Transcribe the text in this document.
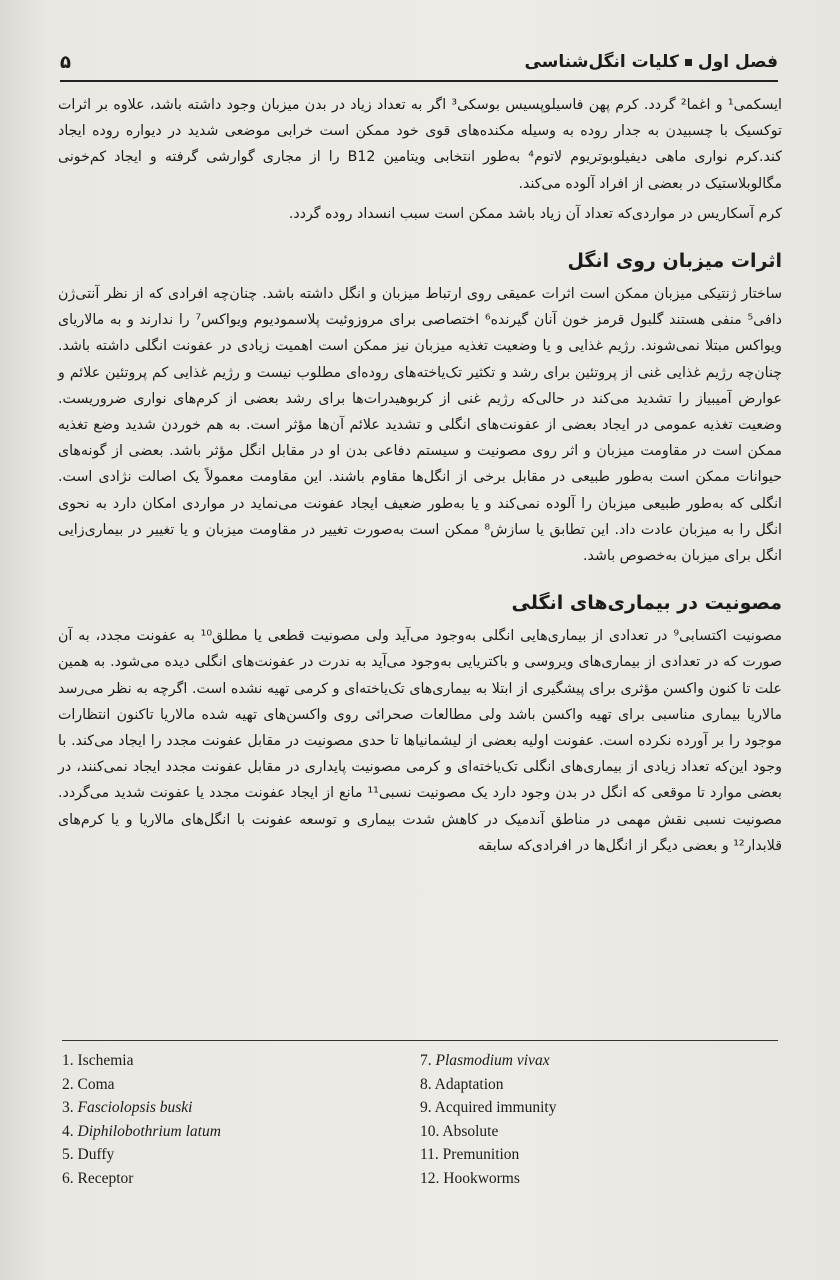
فصل اول
کلیات انگل‌شناسی
۵

ایسکمی¹ و اغما² گردد. کرم پهن فاسیلوپسیس بوسکی³ اگر به تعداد زیاد در بدن میزبان وجود داشته باشد، علاوه بر اثرات توکسیک با چسبیدن به جدار روده به وسیله مکنده‌های قوی خود ممکن است خرابی موضعی شدید در دیواره روده ایجاد کند.کرم نواری ماهی دیفیلوبوتریوم لاتوم⁴ به‌طور انتخابی ویتامین B12 را از مجاری گوارشی گرفته و ایجاد کم‌خونی مگالوبلاستیک در بعضی از افراد آلوده می‌کند.

کرم آسکاریس در مواردی‌که تعداد آن زیاد باشد ممکن است سبب انسداد روده گردد.

اثرات میزبان روی انگل

ساختار ژنتیکی میزبان ممکن است اثرات عمیقی روی ارتباط میزبان و انگل داشته باشد. چنان‌چه افرادی که از نظر آنتی‌ژن دافی⁵ منفی هستند گلبول قرمز خون آنان گیرنده⁶ اختصاصی برای مروزوئیت پلاسمودیوم ویواکس⁷ را ندارند و به مالاریای ویواکس مبتلا نمی‌شوند. رژیم غذایی و یا وضعیت تغذیه میزبان نیز ممکن است اهمیت زیادی در عفونت انگلی داشته باشد. چنان‌چه رژیم غذایی غنی از پروتئین برای رشد و تکثیر تک‌یاخته‌های روده‌ای مطلوب نیست و رژیم غذایی کم پروتئین علائم و عوارض آمیبیاز را تشدید می‌کند در حالی‌که رژیم غنی از کربوهیدرات‌ها برای رشد بعضی از کرم‌های نواری ضروریست. وضعیت تغذیه عمومی در ایجاد بعضی از عفونت‌های انگلی و تشدید علائم آن‌ها مؤثر است. به هم خوردن شدید وضع تغذیه ممکن است در مقاومت میزبان و اثر روی مصونیت و سیستم دفاعی بدن او در مقابل انگل مؤثر باشد. بعضی از گونه‌های حیوانات ممکن است به‌طور طبیعی در مقابل برخی از انگل‌ها مقاوم باشند. این مقاومت معمولاً یک اصالت نژادی است. انگلی که به‌طور طبیعی میزبان را آلوده نمی‌کند و یا به‌طور ضعیف ایجاد عفونت می‌نماید در مواردی امکان دارد به نحوی انگل را به میزبان عادت داد. این تطابق یا سازش⁸ ممکن است به‌صورت تغییر در مقاومت میزبان و یا تغییر در بیماری‌زایی انگل برای میزبان به‌خصوص باشد.

مصونیت در بیماری‌های انگلی

مصونیت اکتسابی⁹ در تعدادی از بیماری‌هایی انگلی به‌وجود می‌آید ولی مصونیت قطعی یا مطلق¹⁰ به عفونت مجدد، به آن صورت که در تعدادی از بیماری‌های ویروسی و باکتریایی به‌وجود می‌آید به ندرت در عفونت‌های انگلی دیده می‌شود. به همین علت تا کنون واکسن مؤثری برای پیشگیری از ابتلا به بیماری‌های تک‌یاخته‌ای و کرمی تهیه نشده است. اگرچه به نظر می‌رسد مالاریا بیماری مناسبی برای تهیه واکسن باشد ولی مطالعات صحرائی روی واکسن‌های تهیه شده مالاریا تاکنون انتظارات موجود را بر آورده نکرده است. عفونت اولیه بعضی از لیشمانیاها تا حدی مصونیت در مقابل عفونت مجدد را ایجاد می‌کند. با وجود این‌که تعداد زیادی از بیماری‌های انگلی تک‌یاخته‌ای و کرمی مصونیت پایداری در مقابل عفونت مجدد ایجاد نمی‌کنند، در بعضی موارد تا موقعی که انگل در بدن وجود دارد یک مصونیت نسبی¹¹ مانع از ایجاد عفونت مجدد یا عفونت شدید می‌گردد. مصونیت نسبی نقش مهمی در مناطق آندمیک در کاهش شدت بیماری و توسعه عفونت با انگل‌های مالاریا و یا کرم‌های قلابدار¹² و بعضی دیگر از انگل‌ها در افرادی‌که سابقه

1. Ischemia
2. Coma
3. Fasciolopsis buski
4. Diphilobothrium latum
5. Duffy
6. Receptor
7. Plasmodium vivax
8. Adaptation
9. Acquired immunity
10. Absolute
11. Premunition
12. Hookworms
